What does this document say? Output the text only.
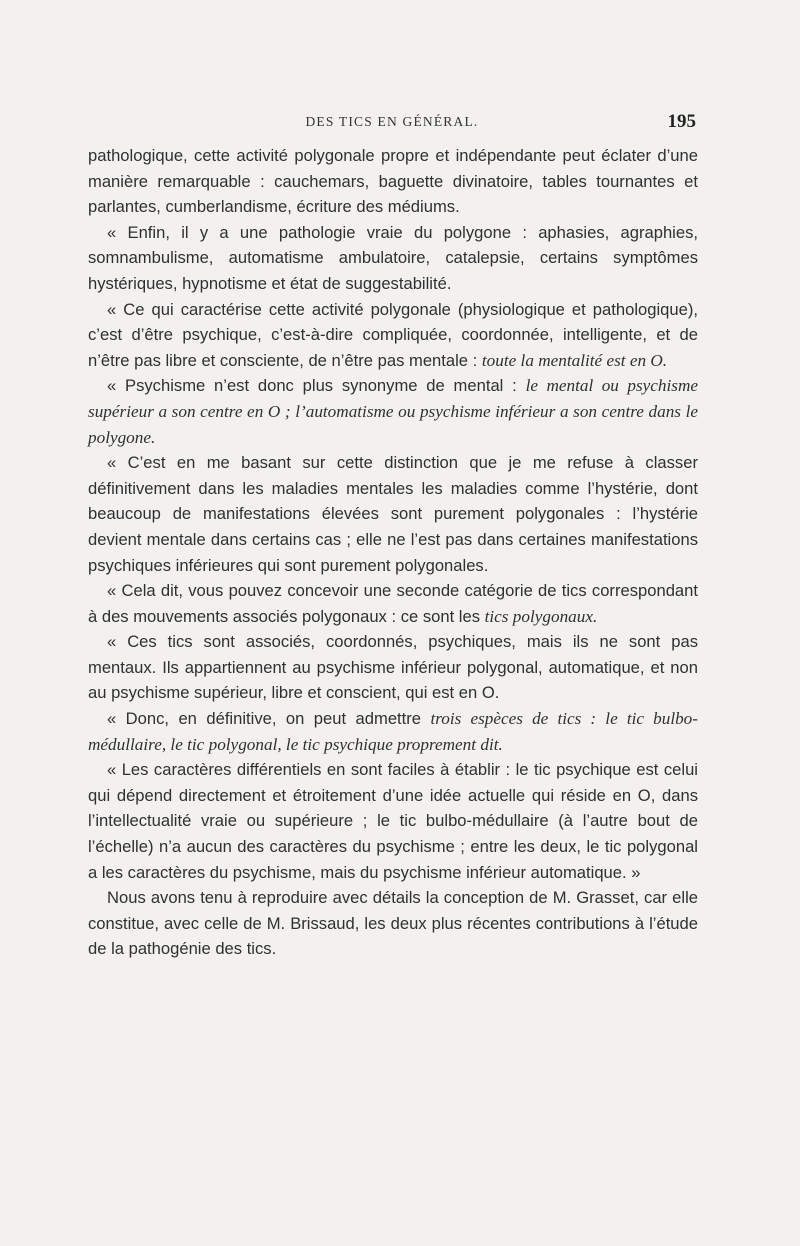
DES TICS EN GÉNÉRAL.	195

pathologique, cette activité polygonale propre et indépendante peut éclater d’une manière remarquable : cauchemars, baguette divinatoire, tables tournantes et parlantes, cumberlandisme, écriture des médiums.

« Enfin, il y a une pathologie vraie du polygone : aphasies, agraphies, somnambulisme, automatisme ambulatoire, catalepsie, certains symptômes hystériques, hypnotisme et état de suggestabilité.

« Ce qui caractérise cette activité polygonale (physiologique et pathologique), c’est d’être psychique, c’est-à-dire compliquée, coordonnée, intelligente, et de n’être pas libre et consciente, de n’être pas mentale : toute la mentalité est en O.

« Psychisme n’est donc plus synonyme de mental : le mental ou psychisme supérieur a son centre en O ; l’automatisme ou psychisme inférieur a son centre dans le polygone.

« C’est en me basant sur cette distinction que je me refuse à classer définitivement dans les maladies mentales les maladies comme l’hystérie, dont beaucoup de manifestations élevées sont purement polygonales : l’hystérie devient mentale dans certains cas ; elle ne l’est pas dans certaines manifestations psychiques inférieures qui sont purement polygonales.

« Cela dit, vous pouvez concevoir une seconde catégorie de tics correspondant à des mouvements associés polygonaux : ce sont les tics polygonaux.

« Ces tics sont associés, coordonnés, psychiques, mais ils ne sont pas mentaux. Ils appartiennent au psychisme inférieur polygonal, automatique, et non au psychisme supérieur, libre et conscient, qui est en O.

« Donc, en définitive, on peut admettre trois espèces de tics : le tic bulbo-médullaire, le tic polygonal, le tic psychique proprement dit.

« Les caractères différentiels en sont faciles à établir : le tic psychique est celui qui dépend directement et étroitement d’une idée actuelle qui réside en O, dans l’intellectualité vraie ou supérieure ; le tic bulbo-médullaire (à l’autre bout de l’échelle) n’a aucun des caractères du psychisme ; entre les deux, le tic polygonal a les caractères du psychisme, mais du psychisme inférieur automatique. »

Nous avons tenu à reproduire avec détails la conception de M. Grasset, car elle constitue, avec celle de M. Brissaud, les deux plus récentes contributions à l’étude de la pathogénie des tics.
